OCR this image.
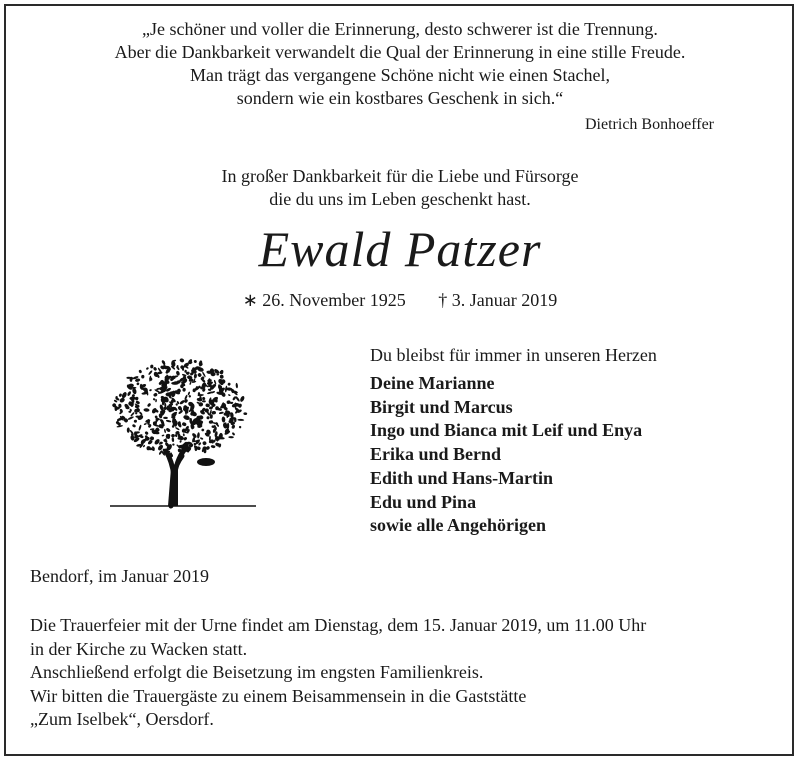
„Je schöner und voller die Erinnerung, desto schwerer ist die Trennung.
Aber die Dankbarkeit verwandelt die Qual der Erinnerung in eine stille Freude.
Man trägt das vergangene Schöne nicht wie einen Stachel,
sondern wie ein kostbares Geschenk in sich.“
Dietrich Bonhoeffer
In großer Dankbarkeit für die Liebe und Fürsorge
die du uns im Leben geschenkt hast.
Ewald Patzer
∗ 26. November 1925 † 3. Januar 2019
Du bleibst für immer in unseren Herzen
Deine Marianne
Birgit und Marcus
Ingo und Bianca mit Leif und Enya
Erika und Bernd
Edith und Hans-Martin
Edu und Pina
sowie alle Angehörigen
Bendorf, im Januar 2019
Die Trauerfeier mit der Urne findet am Dienstag, dem 15. Januar 2019, um 11.00 Uhr
in der Kirche zu Wacken statt.
Anschließend erfolgt die Beisetzung im engsten Familienkreis.
Wir bitten die Trauergäste zu einem Beisammensein in die Gaststätte
„Zum Iselbek“, Oersdorf.
